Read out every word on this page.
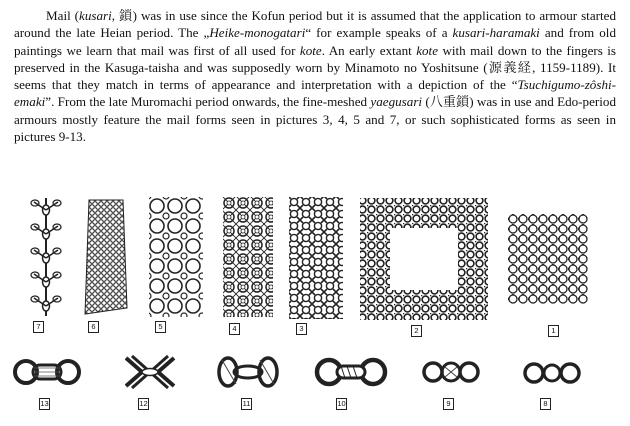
Mail (kusari, 鎖) was in use since the Kofun period but it is assumed that the application to armour started around the late Heian period. The „Heike-monogatari“ for example speaks of a kusari-haramaki and from old paintings we learn that mail was first of all used for kote. An early extant kote with mail down to the fingers is preserved in the Kasuga-taisha and was supposedly worn by Minamoto no Yoshitsune (源義経, 1159-1189). It seems that they match in terms of appearance and interpretation with a depiction of the “Tsuchigumo-zôshi-emaki”. From the late Muromachi period onwards, the fine-meshed yaegusari (八重鎖) was in use and Edo-period armours mostly feature the mail forms seen in pictures 3, 4, 5 and 7, or such sophisticated forms as seen in pictures 9-13.

7	6	5	4	3	2	1
13	12	11	10	9	8
